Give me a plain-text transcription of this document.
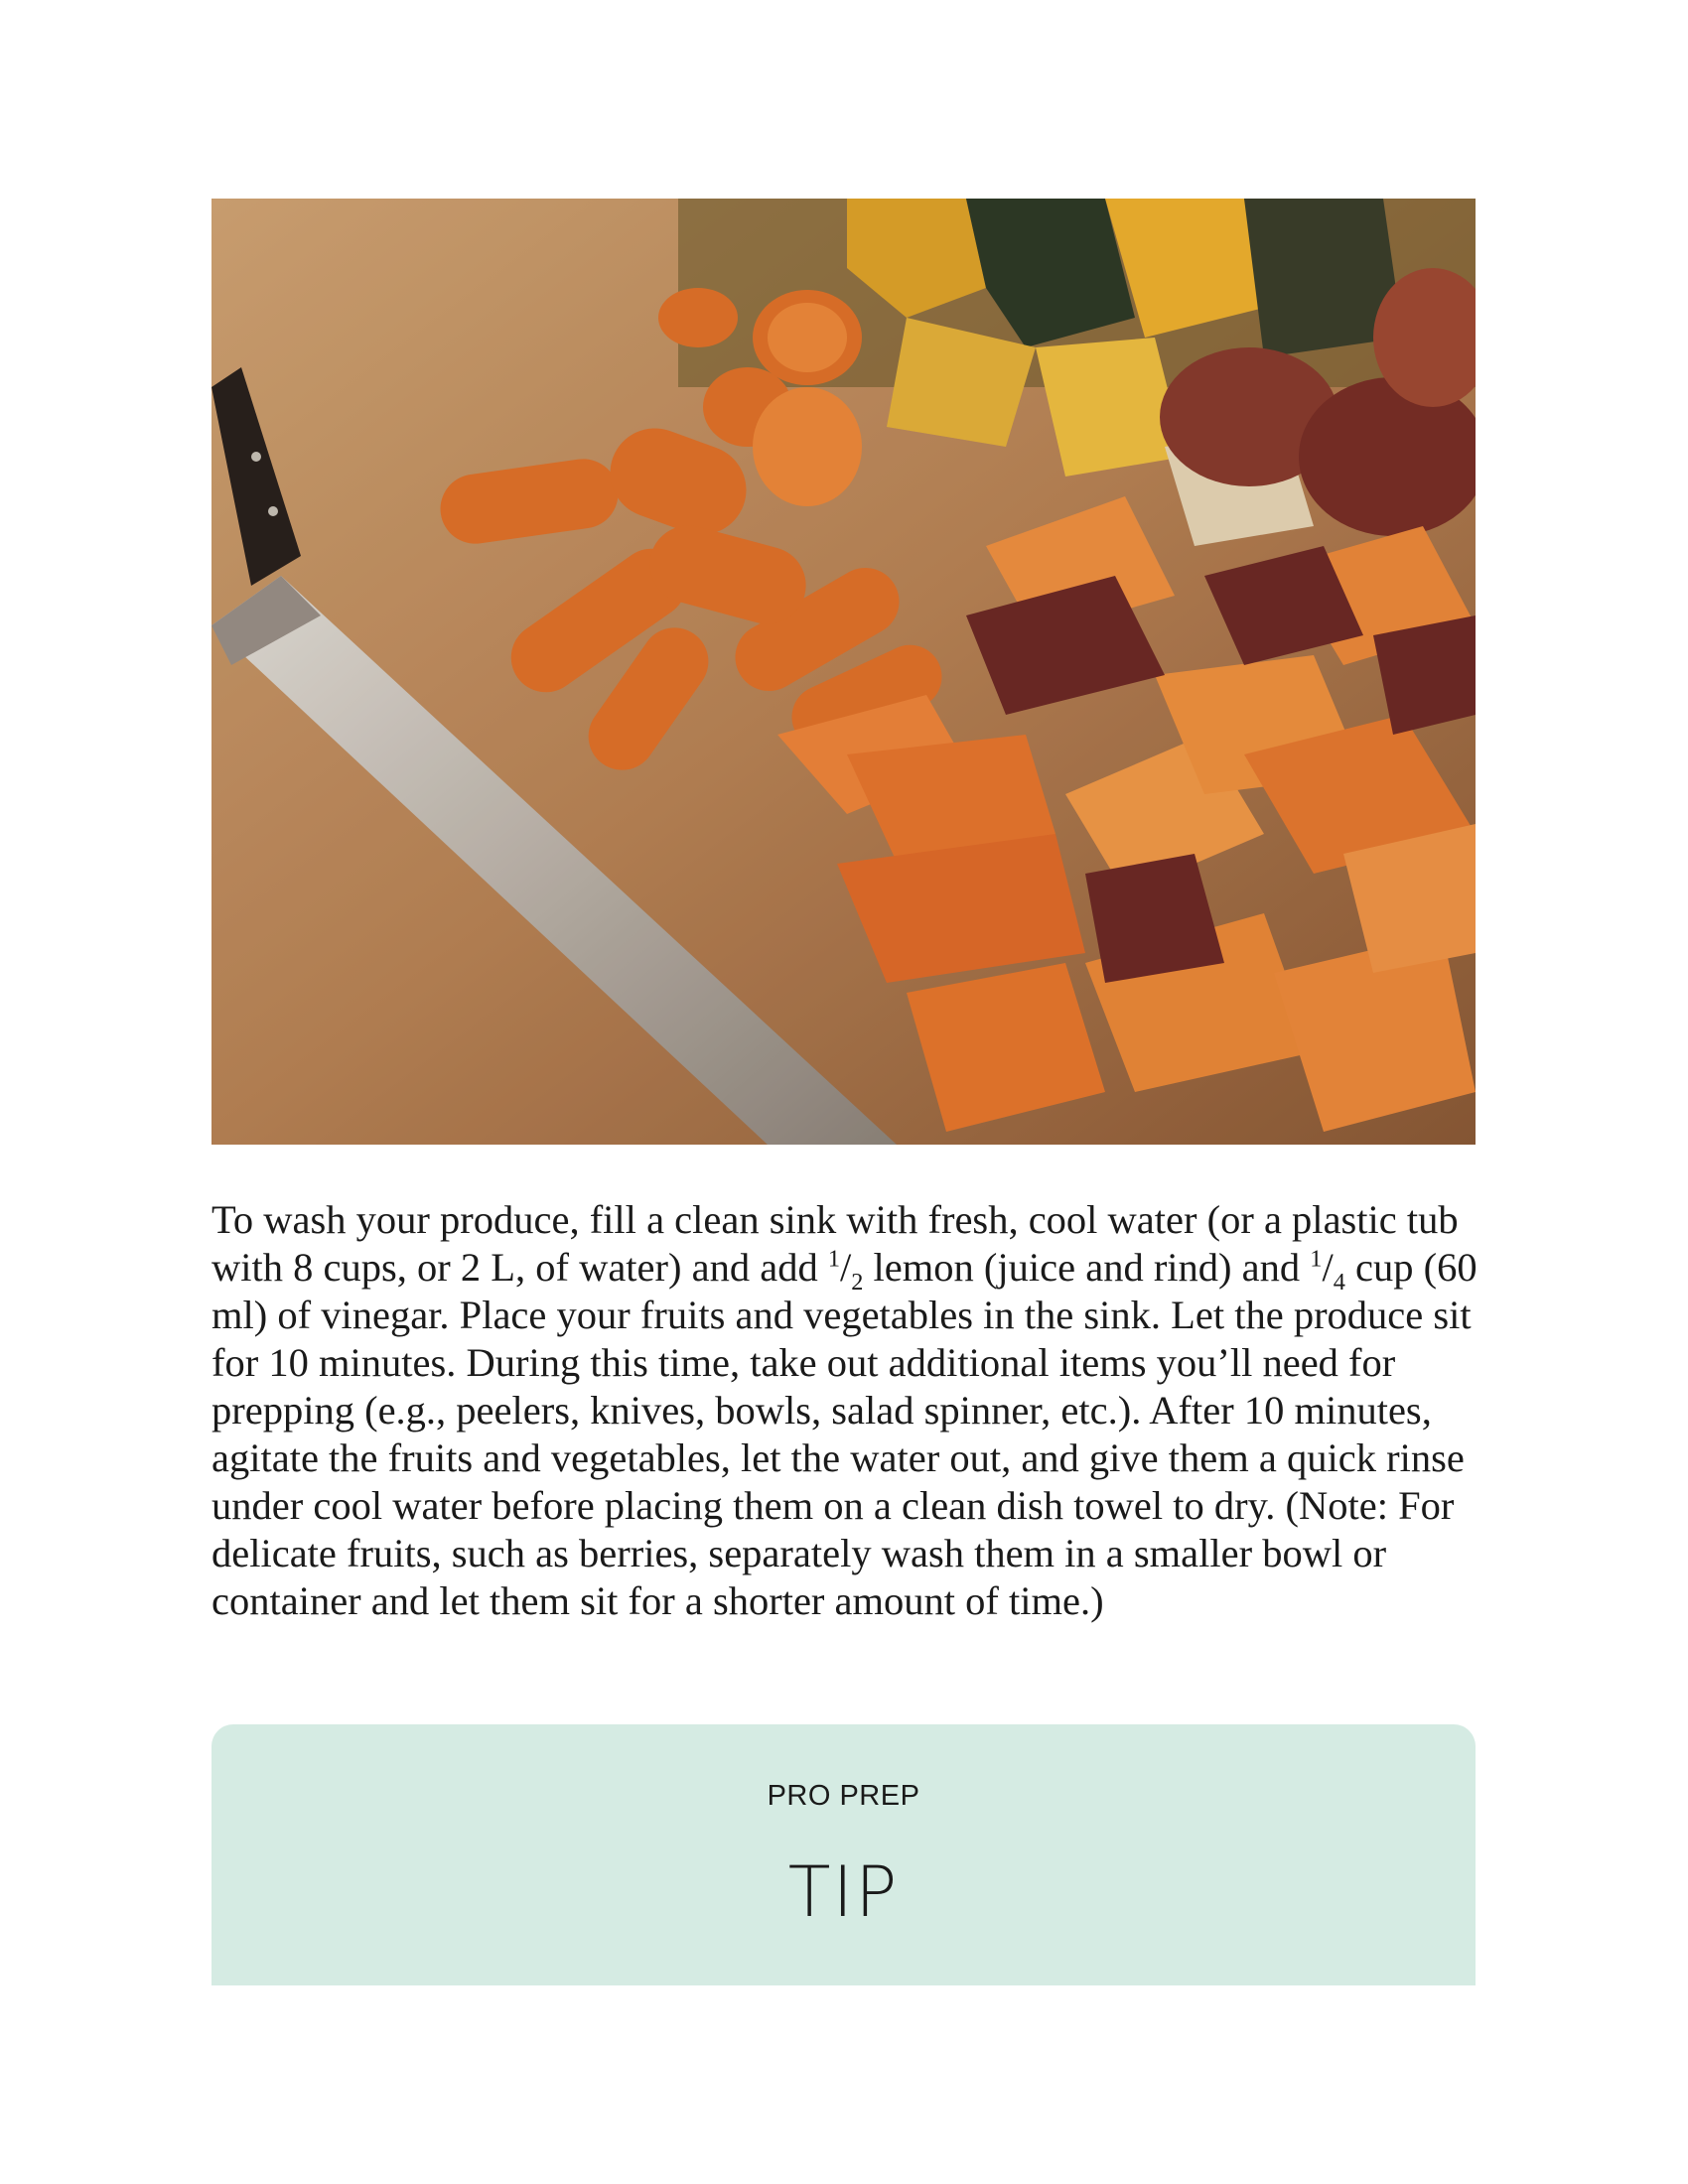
To wash your produce, fill a clean sink with fresh, cool water (or a plastic tub with 8 cups, or 2 L, of water) and add $^1/_2$ lemon (juice and rind) and $^1/_4$ cup (60 ml) of vinegar. Place your fruits and vegetables in the sink. Let the produce sit for 10 minutes. During this time, take out additional items you’ll need for prepping (e.g., peelers, knives, bowls, salad spinner, etc.). After 10 minutes, agitate the fruits and vegetables, let the water out, and give them a quick rinse under cool water before placing them on a clean dish towel to dry. (Note: For delicate fruits, such as berries, separately wash them in a smaller bowl or container and let them sit for a shorter amount of time.)

PRO PREP
TIP
